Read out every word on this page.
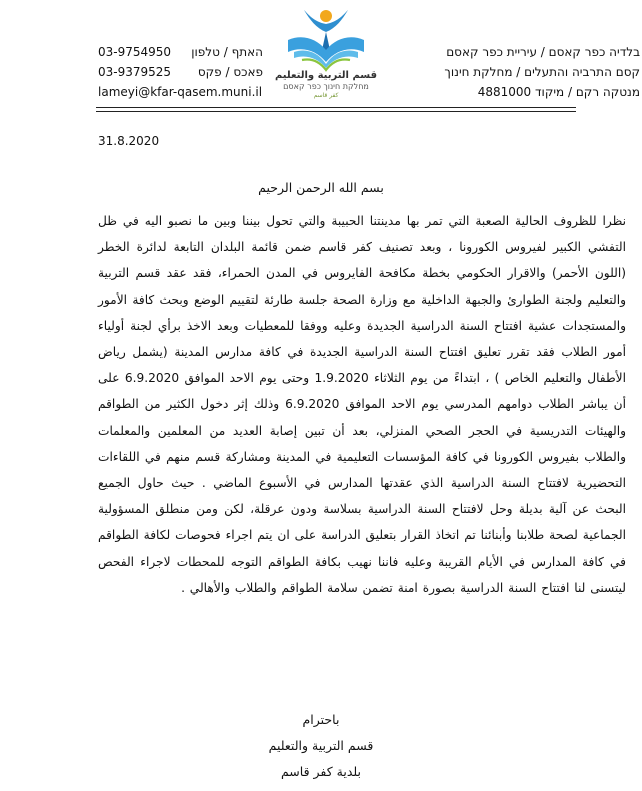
בלדיה כפר קאסם / עיריית כפר קאסם
קסם התרביה והתעלים / מחלקת חינוך
מנטקה רקם / מיקוד 4881000
قسم التربية والتعليم
מחלקת חינוך כפר קאסם
كفر قاسم
03-9754950 האתף / טלפון
03-9379525 פאכס / פקס
lameyi@kfar-qasem.muni.il
31.8.2020
بسم الله الرحمن الرحيم
نظرا للظروف الحالية الصعبة التي تمر بها مدينتنا الحبيبة والتي تحول بيننا وبين ما نصبو اليه في ظل التفشي الكبير لفيروس الكورونا ، وبعد تصنيف كفر قاسم ضمن قائمة البلدان التابعة لدائرة الخطر (اللون الأحمر) والاقرار الحكومي بخطة مكافحة الفايروس في المدن الحمراء، فقد عقد قسم التربية والتعليم ولجنة الطوارئ والجبهة الداخلية مع وزارة الصحة جلسة طارئة لتقييم الوضع وبحث كافة الأمور والمستجدات عشية افتتاح السنة الدراسية الجديدة وعليه ووفقا للمعطيات وبعد الاخذ برأي لجنة أولياء أمور الطلاب فقد تقرر تعليق افتتاح السنة الدراسية الجديدة في كافة مدارس المدينة (يشمل رياض الأطفال والتعليم الخاص ) ، ابتداءً من يوم الثلاثاء 1.9.2020 وحتى يوم الاحد الموافق 6.9.2020 على أن يباشر الطلاب دوامهم المدرسي يوم الاحد الموافق 6.9.2020 وذلك إثر دخول الكثير من الطواقم والهيئات التدريسية في الحجر الصحي المنزلي، بعد أن تبين إصابة العديد من المعلمين والمعلمات والطلاب بفيروس الكورونا في كافة المؤسسات التعليمية في المدينة ومشاركة قسم منهم في اللقاءات التحضيرية لافتتاح السنة الدراسية الذي عقدتها المدارس في الأسبوع الماضي . حيث حاول الجميع البحث عن آلية بديلة وحل لافتتاح السنة الدراسية بسلاسة ودون عرقلة، لكن ومن منطلق المسؤولية الجماعية لصحة طلابنا وأبنائنا تم اتخاذ القرار بتعليق الدراسة على ان يتم اجراء فحوصات لكافة الطواقم في كافة المدارس في الأيام القريبة وعليه فاننا نهيب بكافة الطواقم التوجه للمحطات لاجراء الفحص ليتسنى لنا افتتاح السنة الدراسية بصورة امنة تضمن سلامة الطواقم والطلاب والأهالي .
باحترام
قسم التربية والتعليم
بلدية كفر قاسم
